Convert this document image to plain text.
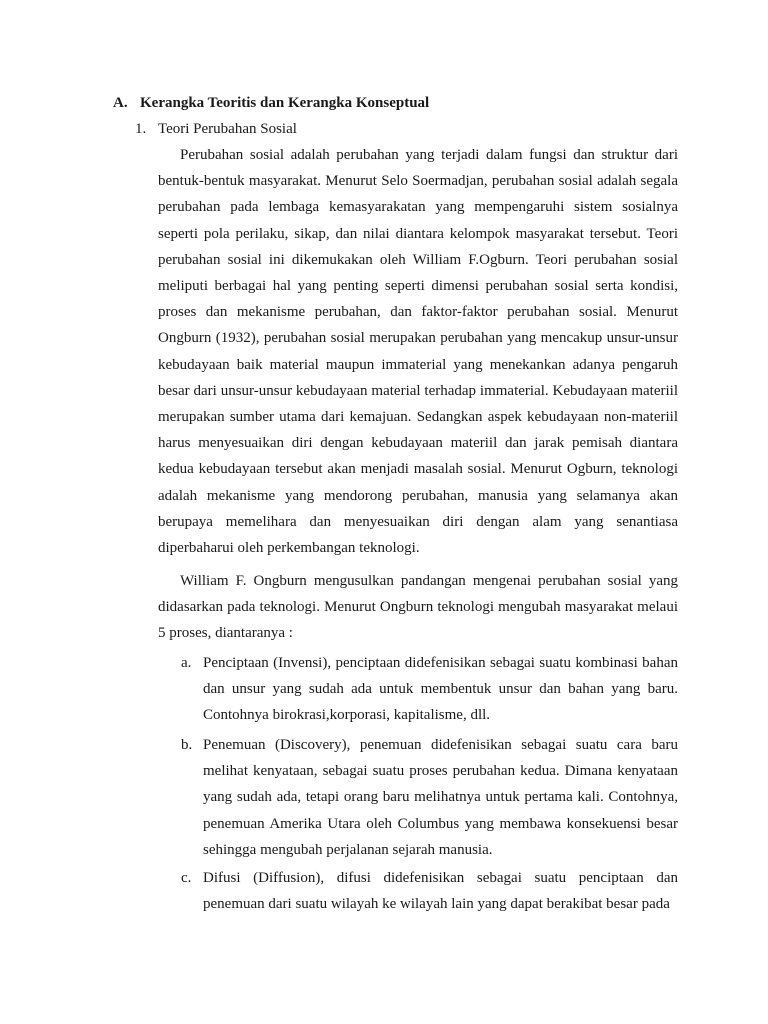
A. Kerangka Teoritis dan Kerangka Konseptual
1. Teori Perubahan Sosial

Perubahan sosial adalah perubahan yang terjadi dalam fungsi dan struktur dari bentuk-bentuk masyarakat. Menurut Selo Soermadjan, perubahan sosial adalah segala perubahan pada lembaga kemasyarakatan yang mempengaruhi sistem sosialnya seperti pola perilaku, sikap, dan nilai diantara kelompok masyarakat tersebut. Teori perubahan sosial ini dikemukakan oleh William F.Ogburn. Teori perubahan sosial meliputi berbagai hal yang penting seperti dimensi perubahan sosial serta kondisi, proses dan mekanisme perubahan, dan faktor-faktor perubahan sosial. Menurut Ongburn (1932), perubahan sosial merupakan perubahan yang mencakup unsur-unsur kebudayaan baik material maupun immaterial yang menekankan adanya pengaruh besar dari unsur-unsur kebudayaan material terhadap immaterial. Kebudayaan materiil merupakan sumber utama dari kemajuan. Sedangkan aspek kebudayaan non-materiil harus menyesuaikan diri dengan kebudayaan materiil dan jarak pemisah diantara kedua kebudayaan tersebut akan menjadi masalah sosial. Menurut Ogburn, teknologi adalah mekanisme yang mendorong perubahan, manusia yang selamanya akan berupaya memelihara dan menyesuaikan diri dengan alam yang senantiasa diperbaharui oleh perkembangan teknologi.

William F. Ongburn mengusulkan pandangan mengenai perubahan sosial yang didasarkan pada teknologi. Menurut Ongburn teknologi mengubah masyarakat melaui 5 proses, diantaranya :

a. Penciptaan (Invensi), penciptaan didefenisikan sebagai suatu kombinasi bahan dan unsur yang sudah ada untuk membentuk unsur dan bahan yang baru. Contohnya birokrasi,korporasi, kapitalisme, dll.
b. Penemuan (Discovery), penemuan didefenisikan sebagai suatu cara baru melihat kenyataan, sebagai suatu proses perubahan kedua. Dimana kenyataan yang sudah ada, tetapi orang baru melihatnya untuk pertama kali. Contohnya, penemuan Amerika Utara oleh Columbus yang membawa konsekuensi besar sehingga mengubah perjalanan sejarah manusia.
c. Difusi (Diffusion), difusi didefenisikan sebagai suatu penciptaan dan penemuan dari suatu wilayah ke wilayah lain yang dapat berakibat besar pada
